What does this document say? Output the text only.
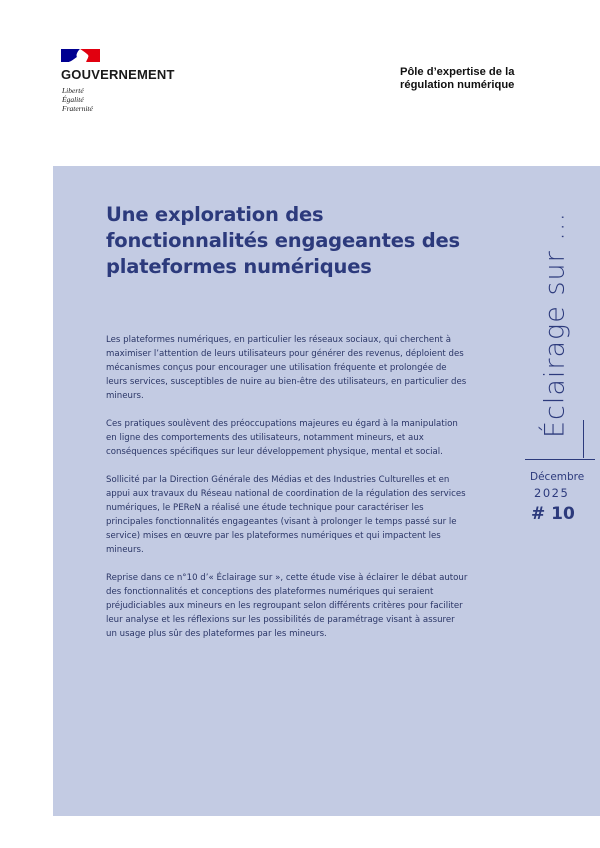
GOUVERNEMENT
Liberté
Égalité
Fraternité
Pôle d’expertise de la régulation numérique
Une exploration des fonctionnalités engageantes des plateformes numériques

Les plateformes numériques, en particulier les réseaux sociaux, qui cherchent à maximiser l’attention de leurs utilisateurs pour générer des revenus, déploient des mécanismes conçus pour encourager une utilisation fréquente et prolongée de leurs services, susceptibles de nuire au bien-être des utilisateurs, en particulier des mineurs.

Ces pratiques soulèvent des préoccupations majeures eu égard à la manipulation en ligne des comportements des utilisateurs, notamment mineurs, et aux conséquences spécifiques sur leur développement physique, mental et social.

Sollicité par la Direction Générale des Médias et des Industries Culturelles et en appui aux travaux du Réseau national de coordination de la régulation des services numériques, le PEReN a réalisé une étude technique pour caractériser les principales fonctionnalités engageantes (visant à prolonger le temps passé sur le service) mises en œuvre par les plateformes numériques et qui impactent les mineurs.

Reprise dans ce n°10 d’« Éclairage sur », cette étude vise à éclairer le débat autour des fonctionnalités et conceptions des plateformes numériques qui seraient préjudiciables aux mineurs en les regroupant selon différents critères pour faciliter leur analyse et les réflexions sur les possibilités de paramétrage visant à assurer un usage plus sûr des plateformes par les mineurs.

Éclairage sur ...
Décembre
2025
# 10
